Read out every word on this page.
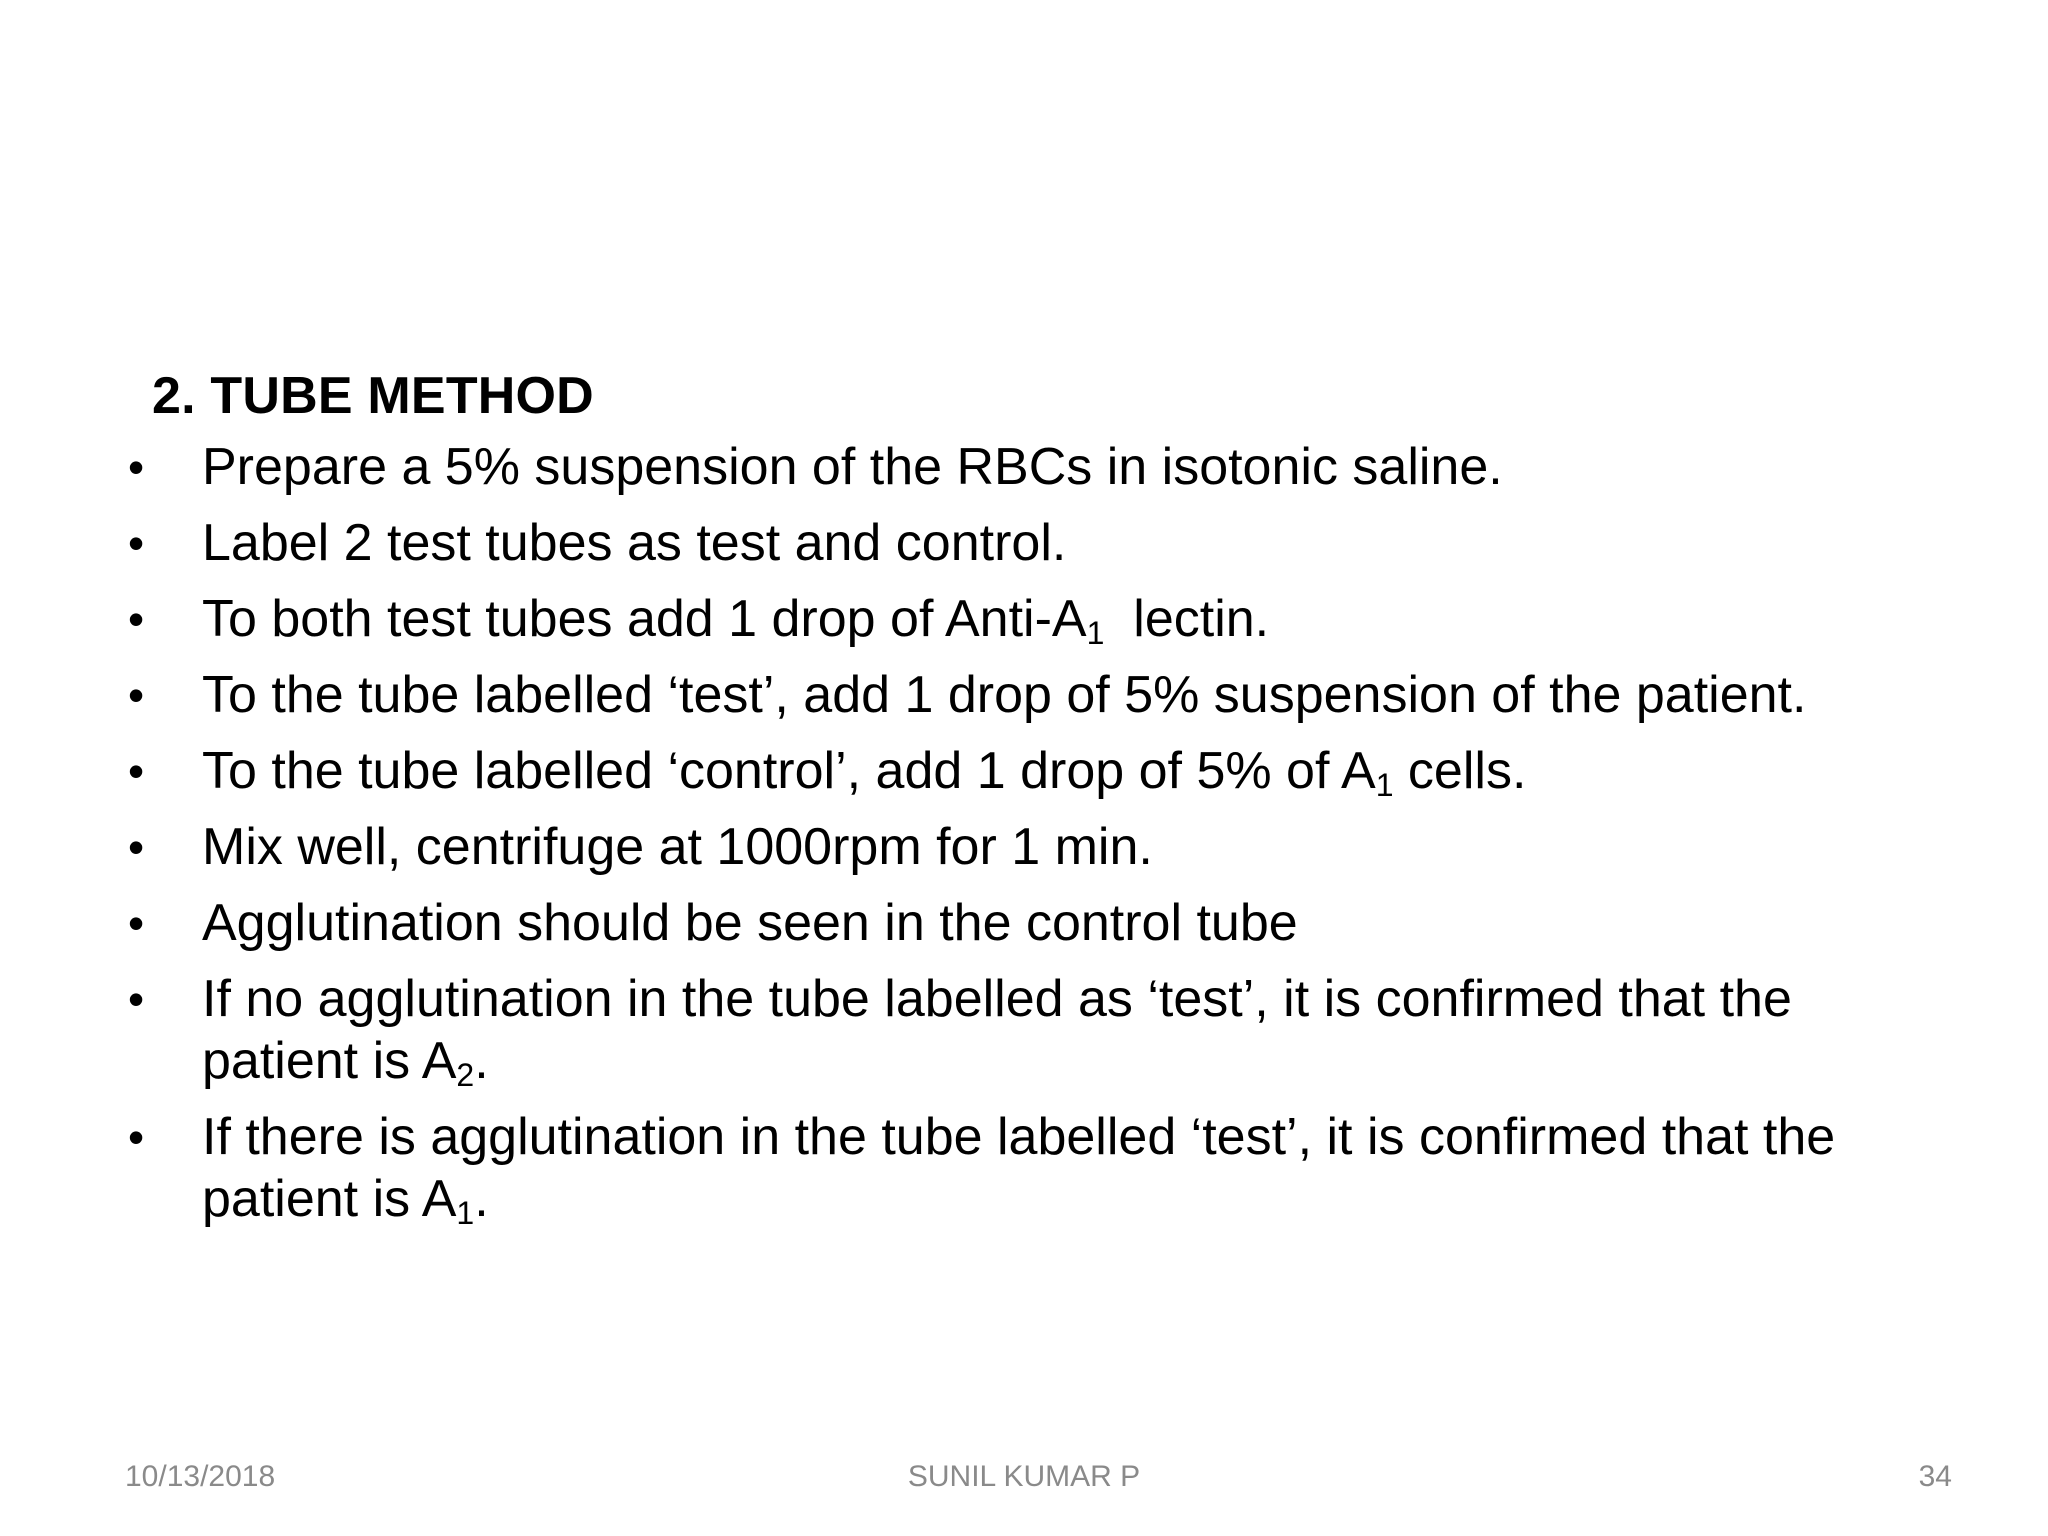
2. TUBE METHOD
• Prepare a 5% suspension of the RBCs in isotonic saline.
• Label 2 test tubes as test and control.
• To both test tubes add 1 drop of Anti-$A_1$  lectin.
• To the tube labelled ‘test’, add 1 drop of 5% suspension of the patient.
• To the tube labelled ‘control’, add 1 drop of 5% of $A_1$ cells.
• Mix well, centrifuge at 1000rpm for 1 min.
• Agglutination should be seen in the control tube
• If no agglutination in the tube labelled as ‘test’, it is confirmed that the patient is $A_2$.
• If there is agglutination in the tube labelled ‘test’, it is confirmed that the patient is $A_1$.
10/13/2018	SUNIL KUMAR P	34
